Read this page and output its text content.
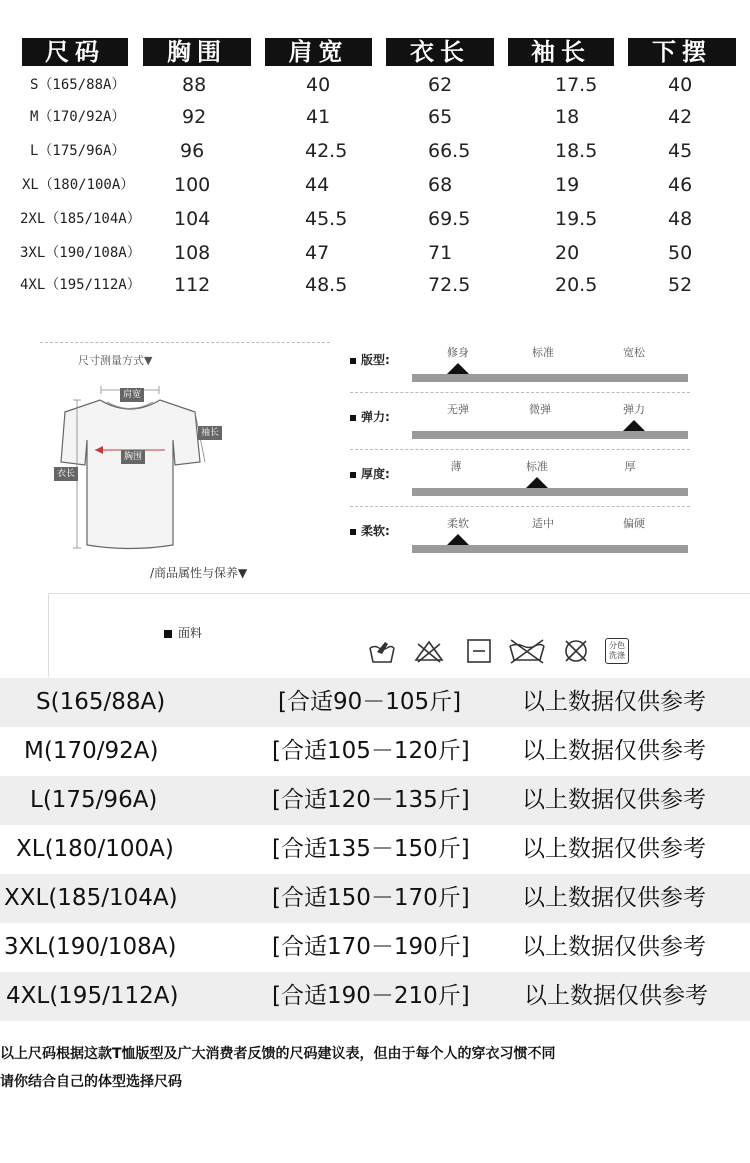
尺码	胸围	肩宽	衣长	袖长	下摆
S（165/88A）	88	40	62	17.5	40
M（170/92A）	92	41	65	18	42
L（175/96A）	96	42.5	66.5	18.5	45
XL（180/100A） 100	44	68	19	46
2XL（185/104A） 104	45.5	69.5	19.5	48
3XL（190/108A） 108	47	71	20	50
4XL（195/112A） 112	48.5	72.5	20.5	52
尺寸测量方式▼
肩宽
袖长
胸围
衣长
/商品属性与保养▼
版型:
修身	标准	宽松
弹力:
无弹	微弹	弹力
厚度:
薄	标准	厚
柔软:
柔软	适中	偏硬
面料
分色
洗涤
S(165/88A)	[合适90－105斤]	以上数据仅供参考
M(170/92A)	[合适105－120斤] 以上数据仅供参考
L(175/96A)	[合适120－135斤] 以上数据仅供参考
XL(180/100A)	[合适135－150斤] 以上数据仅供参考
XXL(185/104A)	[合适150－170斤] 以上数据仅供参考
3XL(190/108A)	[合适170－190斤] 以上数据仅供参考
4XL(195/112A)	[合适190－210斤] 以上数据仅供参考
以上尺码根据这款T恤版型及广大消费者反馈的尺码建议表，但由于每个人的穿衣习惯不同
请你结合自己的体型选择尺码
